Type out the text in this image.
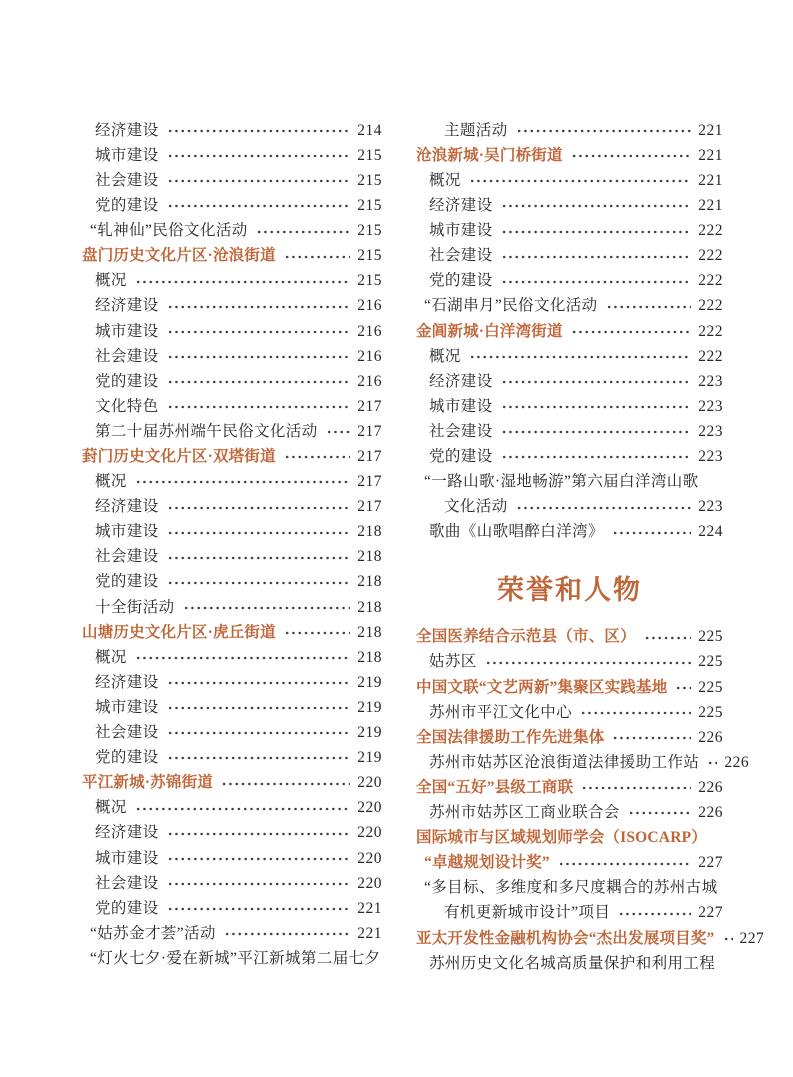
经济建设	214
城市建设	215
社会建设	215
党的建设	215
“轧神仙”民俗文化活动	215
盘门历史文化片区·沧浪街道	215
概况	215
经济建设	216
城市建设	216
社会建设	216
党的建设	216
文化特色	217
第二十届苏州端午民俗文化活动	217
葑门历史文化片区·双塔街道	217
概况	217
经济建设	217
城市建设	218
社会建设	218
党的建设	218
十全街活动	218
山塘历史文化片区·虎丘街道	218
概况	218
经济建设	219
城市建设	219
社会建设	219
党的建设	219
平江新城·苏锦街道	220
概况	220
经济建设	220
城市建设	220
社会建设	220
党的建设	221
“姑苏金才荟”活动	221
“灯火七夕·爱在新城”平江新城第二届七夕
主题活动	221
沧浪新城·吴门桥街道	221
概况	221
经济建设	221
城市建设	222
社会建设	222
党的建设	222
“石湖串月”民俗文化活动	222
金阊新城·白洋湾街道	222
概况	222
经济建设	223
城市建设	223
社会建设	223
党的建设	223
“一路山歌·湿地畅游”第六届白洋湾山歌
文化活动	223
歌曲《山歌唱醉白洋湾》	224
荣誉和人物
全国医养结合示范县（市、区）	225
姑苏区	225
中国文联“文艺两新”集聚区实践基地 225
苏州市平江文化中心	225
全国法律援助工作先进集体	226
苏州市姑苏区沧浪街道法律援助工作站 226
全国“五好”县级工商联	226
苏州市姑苏区工商业联合会	226
国际城市与区域规划师学会（ISOCARP）
“卓越规划设计奖”	227
“多目标、多维度和多尺度耦合的苏州古城
有机更新城市设计”项目	227
亚太开发性金融机构协会“杰出发展项目奖” 227
苏州历史文化名城高质量保护和利用工程
